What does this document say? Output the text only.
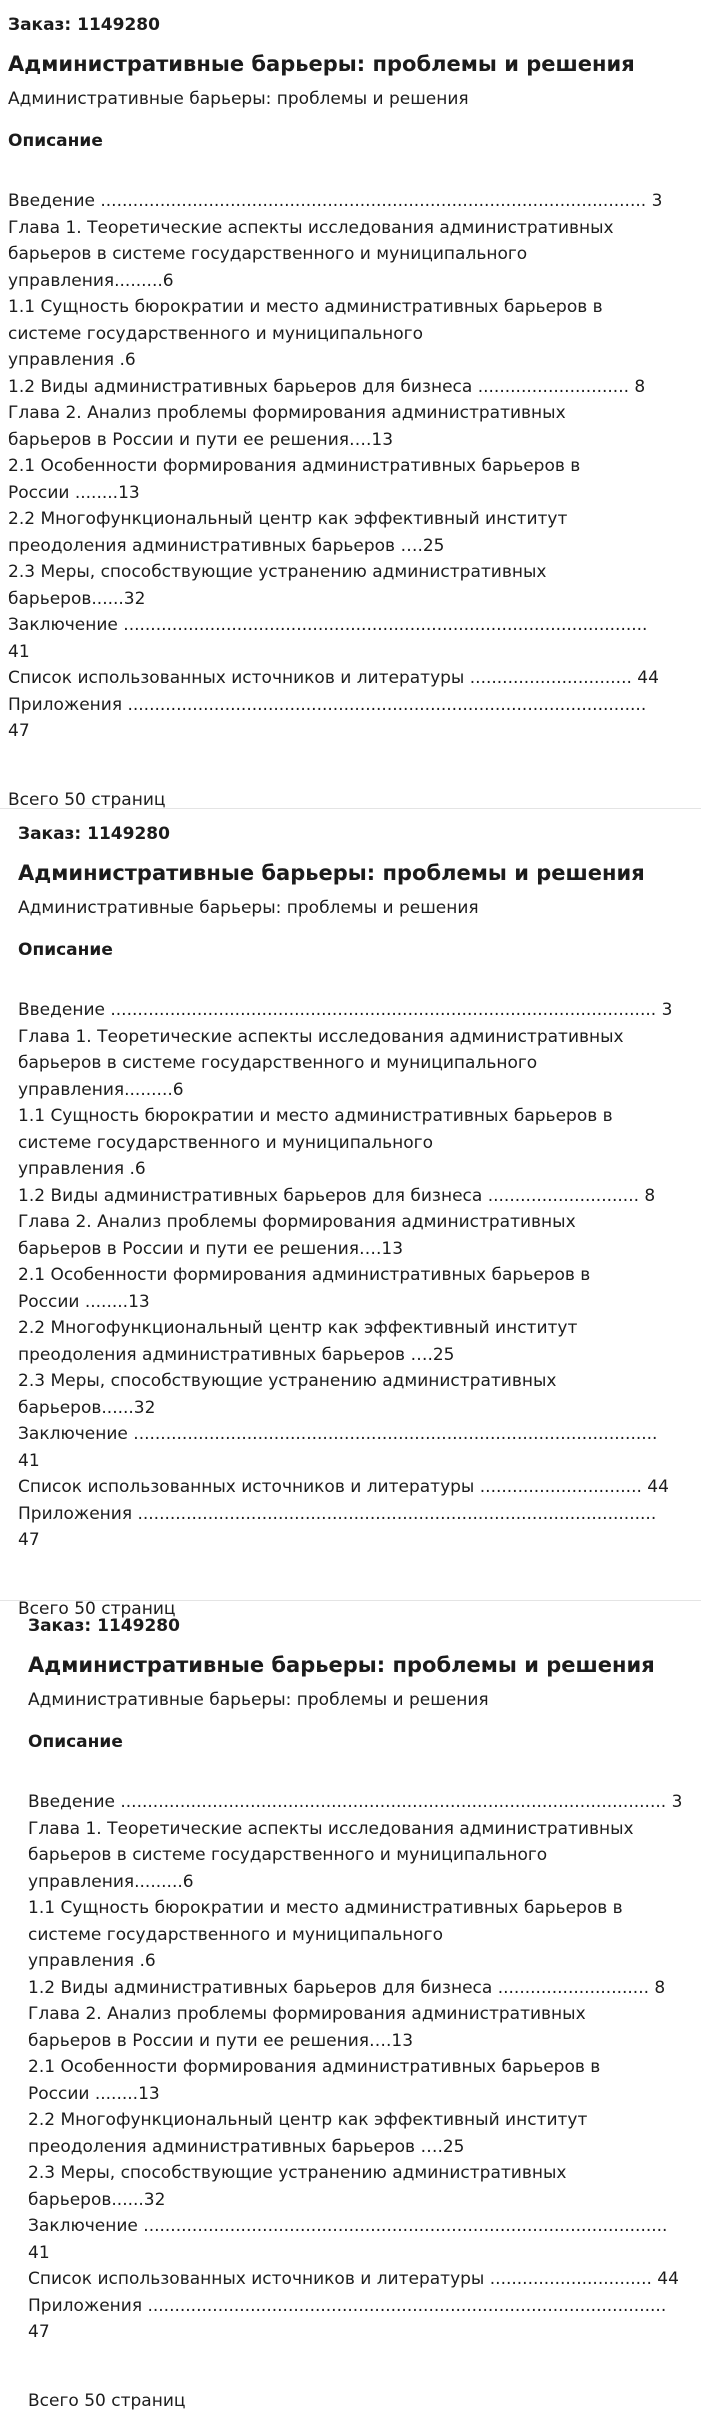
Заказ: 1149280

Административные барьеры: проблемы и решения

Административные барьеры: проблемы и решения

Описание

Введение ..................................................................................................... 3
Глава 1. Теоретические аспекты исследования административных
барьеров в системе государственного и муниципального
управления.........6
1.1 Сущность бюрократии и место административных барьеров в
системе государственного и муниципального
управления .6
1.2 Виды административных барьеров для бизнеса ............................ 8
Глава 2. Анализ проблемы формирования административных
барьеров в России и пути ее решения….13
2.1 Особенности формирования административных барьеров в
России ........13
2.2 Многофункциональный центр как эффективный институт
преодоления административных барьеров ….25
2.3 Меры, способствующие устранению административных
барьеров......32
Заключение ................................................................................................. 41
Список использованных источников и литературы .............................. 44
Приложения ................................................................................................ 47

Всего 50 страниц

Заказ: 1149280

Административные барьеры: проблемы и решения

Административные барьеры: проблемы и решения

Описание

Введение ..................................................................................................... 3
Глава 1. Теоретические аспекты исследования административных
барьеров в системе государственного и муниципального
управления.........6
1.1 Сущность бюрократии и место административных барьеров в
системе государственного и муниципального
управления .6
1.2 Виды административных барьеров для бизнеса ............................ 8
Глава 2. Анализ проблемы формирования административных
барьеров в России и пути ее решения….13
2.1 Особенности формирования административных барьеров в
России ........13
2.2 Многофункциональный центр как эффективный институт
преодоления административных барьеров ….25
2.3 Меры, способствующие устранению административных
барьеров......32
Заключение ................................................................................................. 41
Список использованных источников и литературы .............................. 44
Приложения ................................................................................................ 47

Всего 50 страниц

Заказ: 1149280

Административные барьеры: проблемы и решения

Административные барьеры: проблемы и решения

Описание

Введение ..................................................................................................... 3
Глава 1. Теоретические аспекты исследования административных
барьеров в системе государственного и муниципального
управления.........6
1.1 Сущность бюрократии и место административных барьеров в
системе государственного и муниципального
управления .6
1.2 Виды административных барьеров для бизнеса ............................ 8
Глава 2. Анализ проблемы формирования административных
барьеров в России и пути ее решения….13
2.1 Особенности формирования административных барьеров в
России ........13
2.2 Многофункциональный центр как эффективный институт
преодоления административных барьеров ….25
2.3 Меры, способствующие устранению административных
барьеров......32
Заключение ................................................................................................. 41
Список использованных источников и литературы .............................. 44
Приложения ................................................................................................ 47

Всего 50 страниц
